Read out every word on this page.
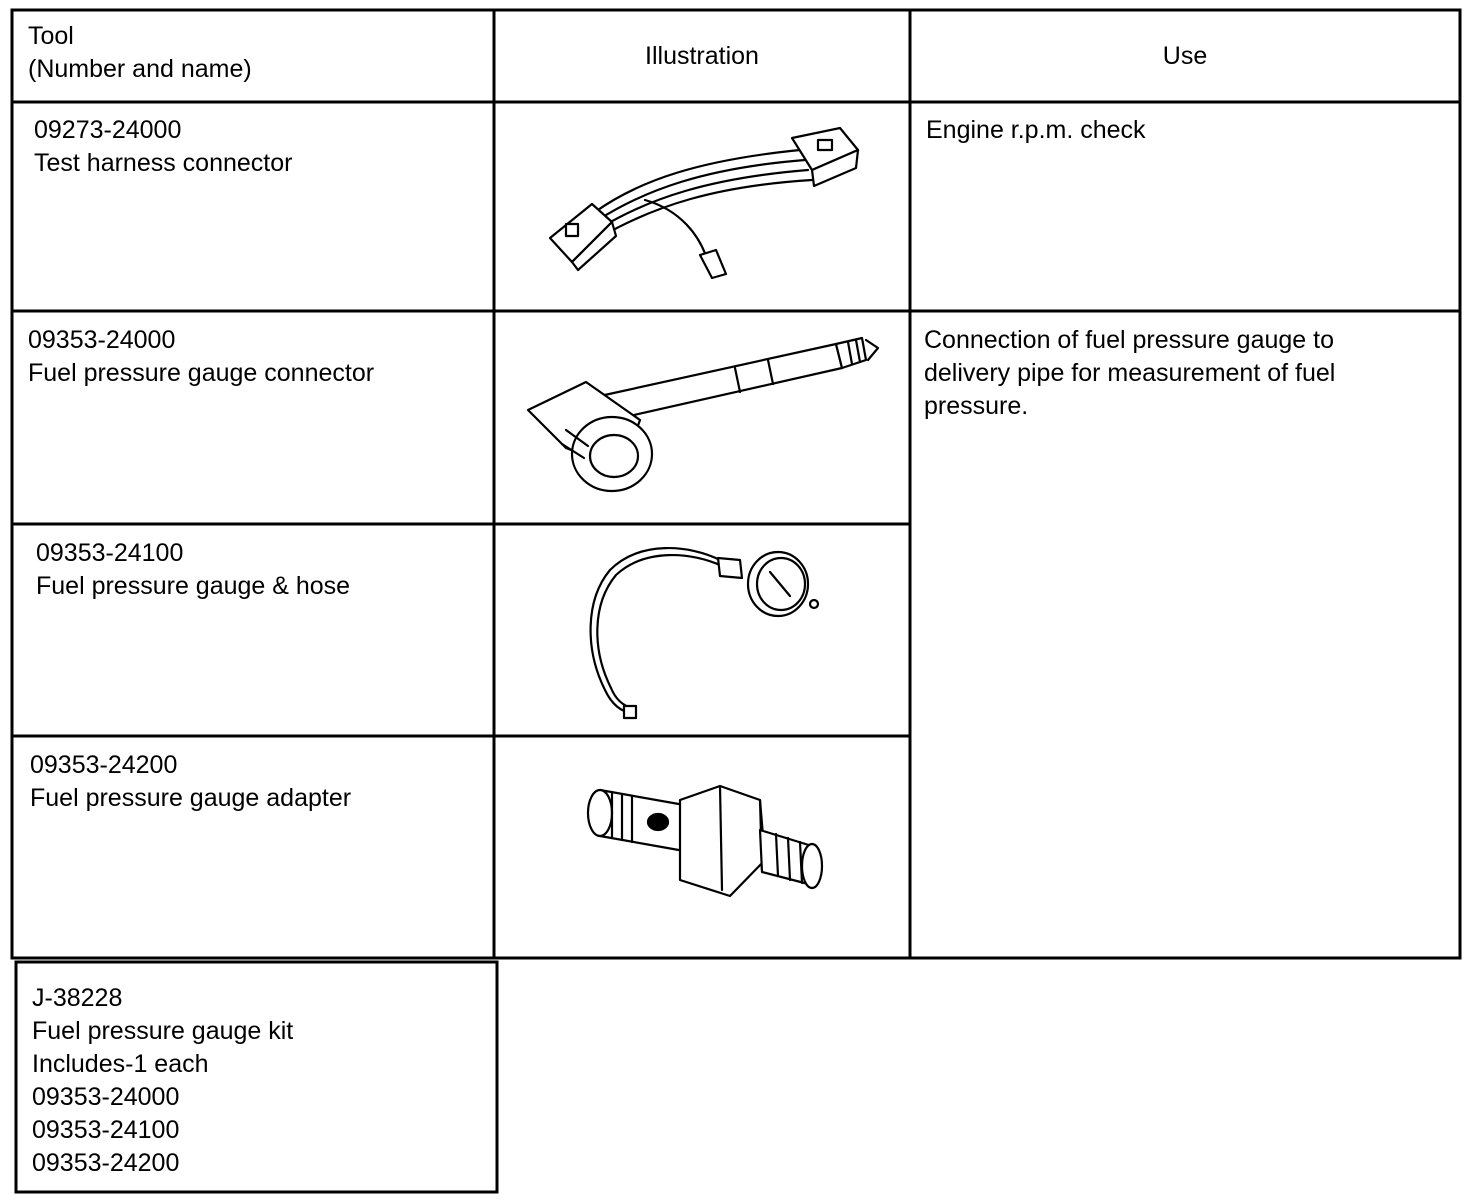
Tool
(Number and name)	Illustration	Use
09273-24000
Test harness connector
Engine r.p.m. check
09353-24000
Fuel pressure gauge connector
Connection of fuel pressure gauge to delivery pipe for measurement of fuel pressure.
09353-24100
Fuel pressure gauge & hose
09353-24200
Fuel pressure gauge adapter
J-38228
Fuel pressure gauge kit
Includes-1 each
09353-24000
09353-24100
09353-24200
